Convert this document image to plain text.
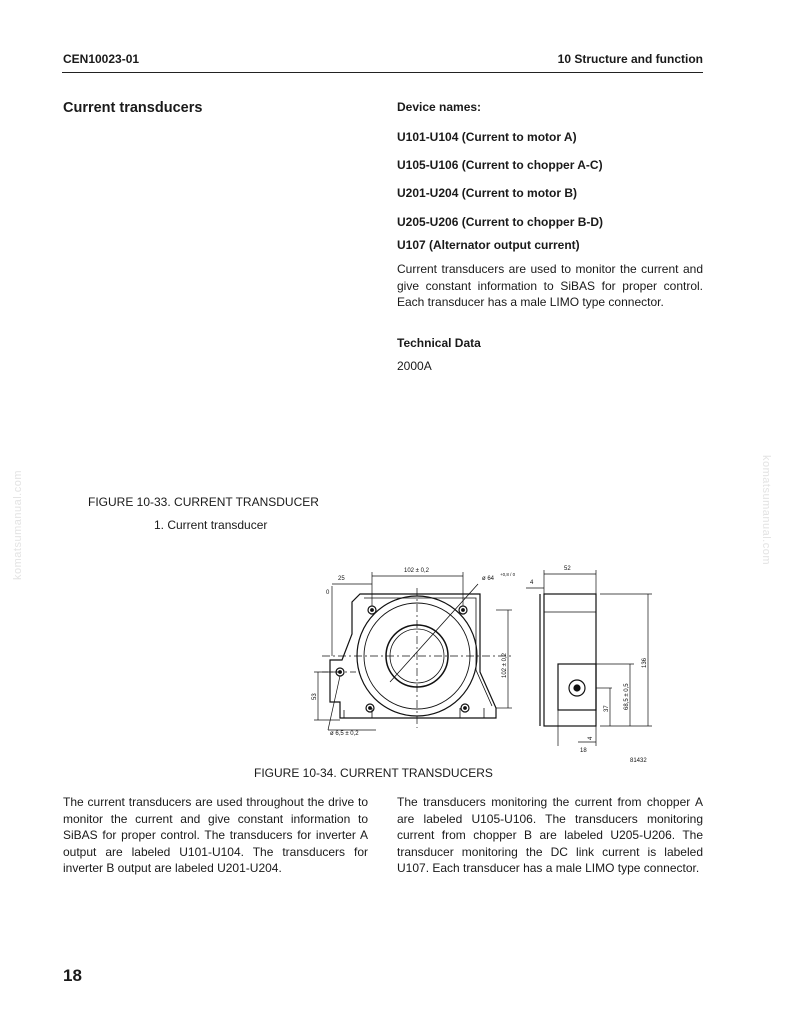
CEN10023-01	10 Structure and function
Current transducers	Device names:
U101-U104 (Current to motor A)
U105-U106 (Current to chopper A-C)
U201-U204 (Current to motor B)
U205-U206 (Current to chopper B-D)
U107 (Alternator output current)
Current transducers are used to monitor the current and give constant information to SiBAS for proper control. Each transducer has a male LIMO type connector.
Technical Data
2000A
FIGURE 10-33. CURRENT TRANSDUCER
1. Current transducer
komatsumanual.com	komatsumanual.com
102 ± 0,2
ø 64
+0,8 / 0
25
0
102 ± 0,2
53
ø 6,5 ± 0,2
52
4
136
68,5 ± 0,5
37
4
18
81432
FIGURE 10-34. CURRENT TRANSDUCERS
The current transducers are used throughout the drive to monitor the current and give constant information to SiBAS for proper control. The transducers for inverter A output are labeled U101-U104. The transducers for inverter B output are labeled U201-U204.
The transducers monitoring the current from chopper A are labeled U105-U106. The transducers monitoring current from chopper B are labeled U205-U206. The transducer monitoring the DC link current is labeled U107. Each transducer has a male LIMO type connector.
18
